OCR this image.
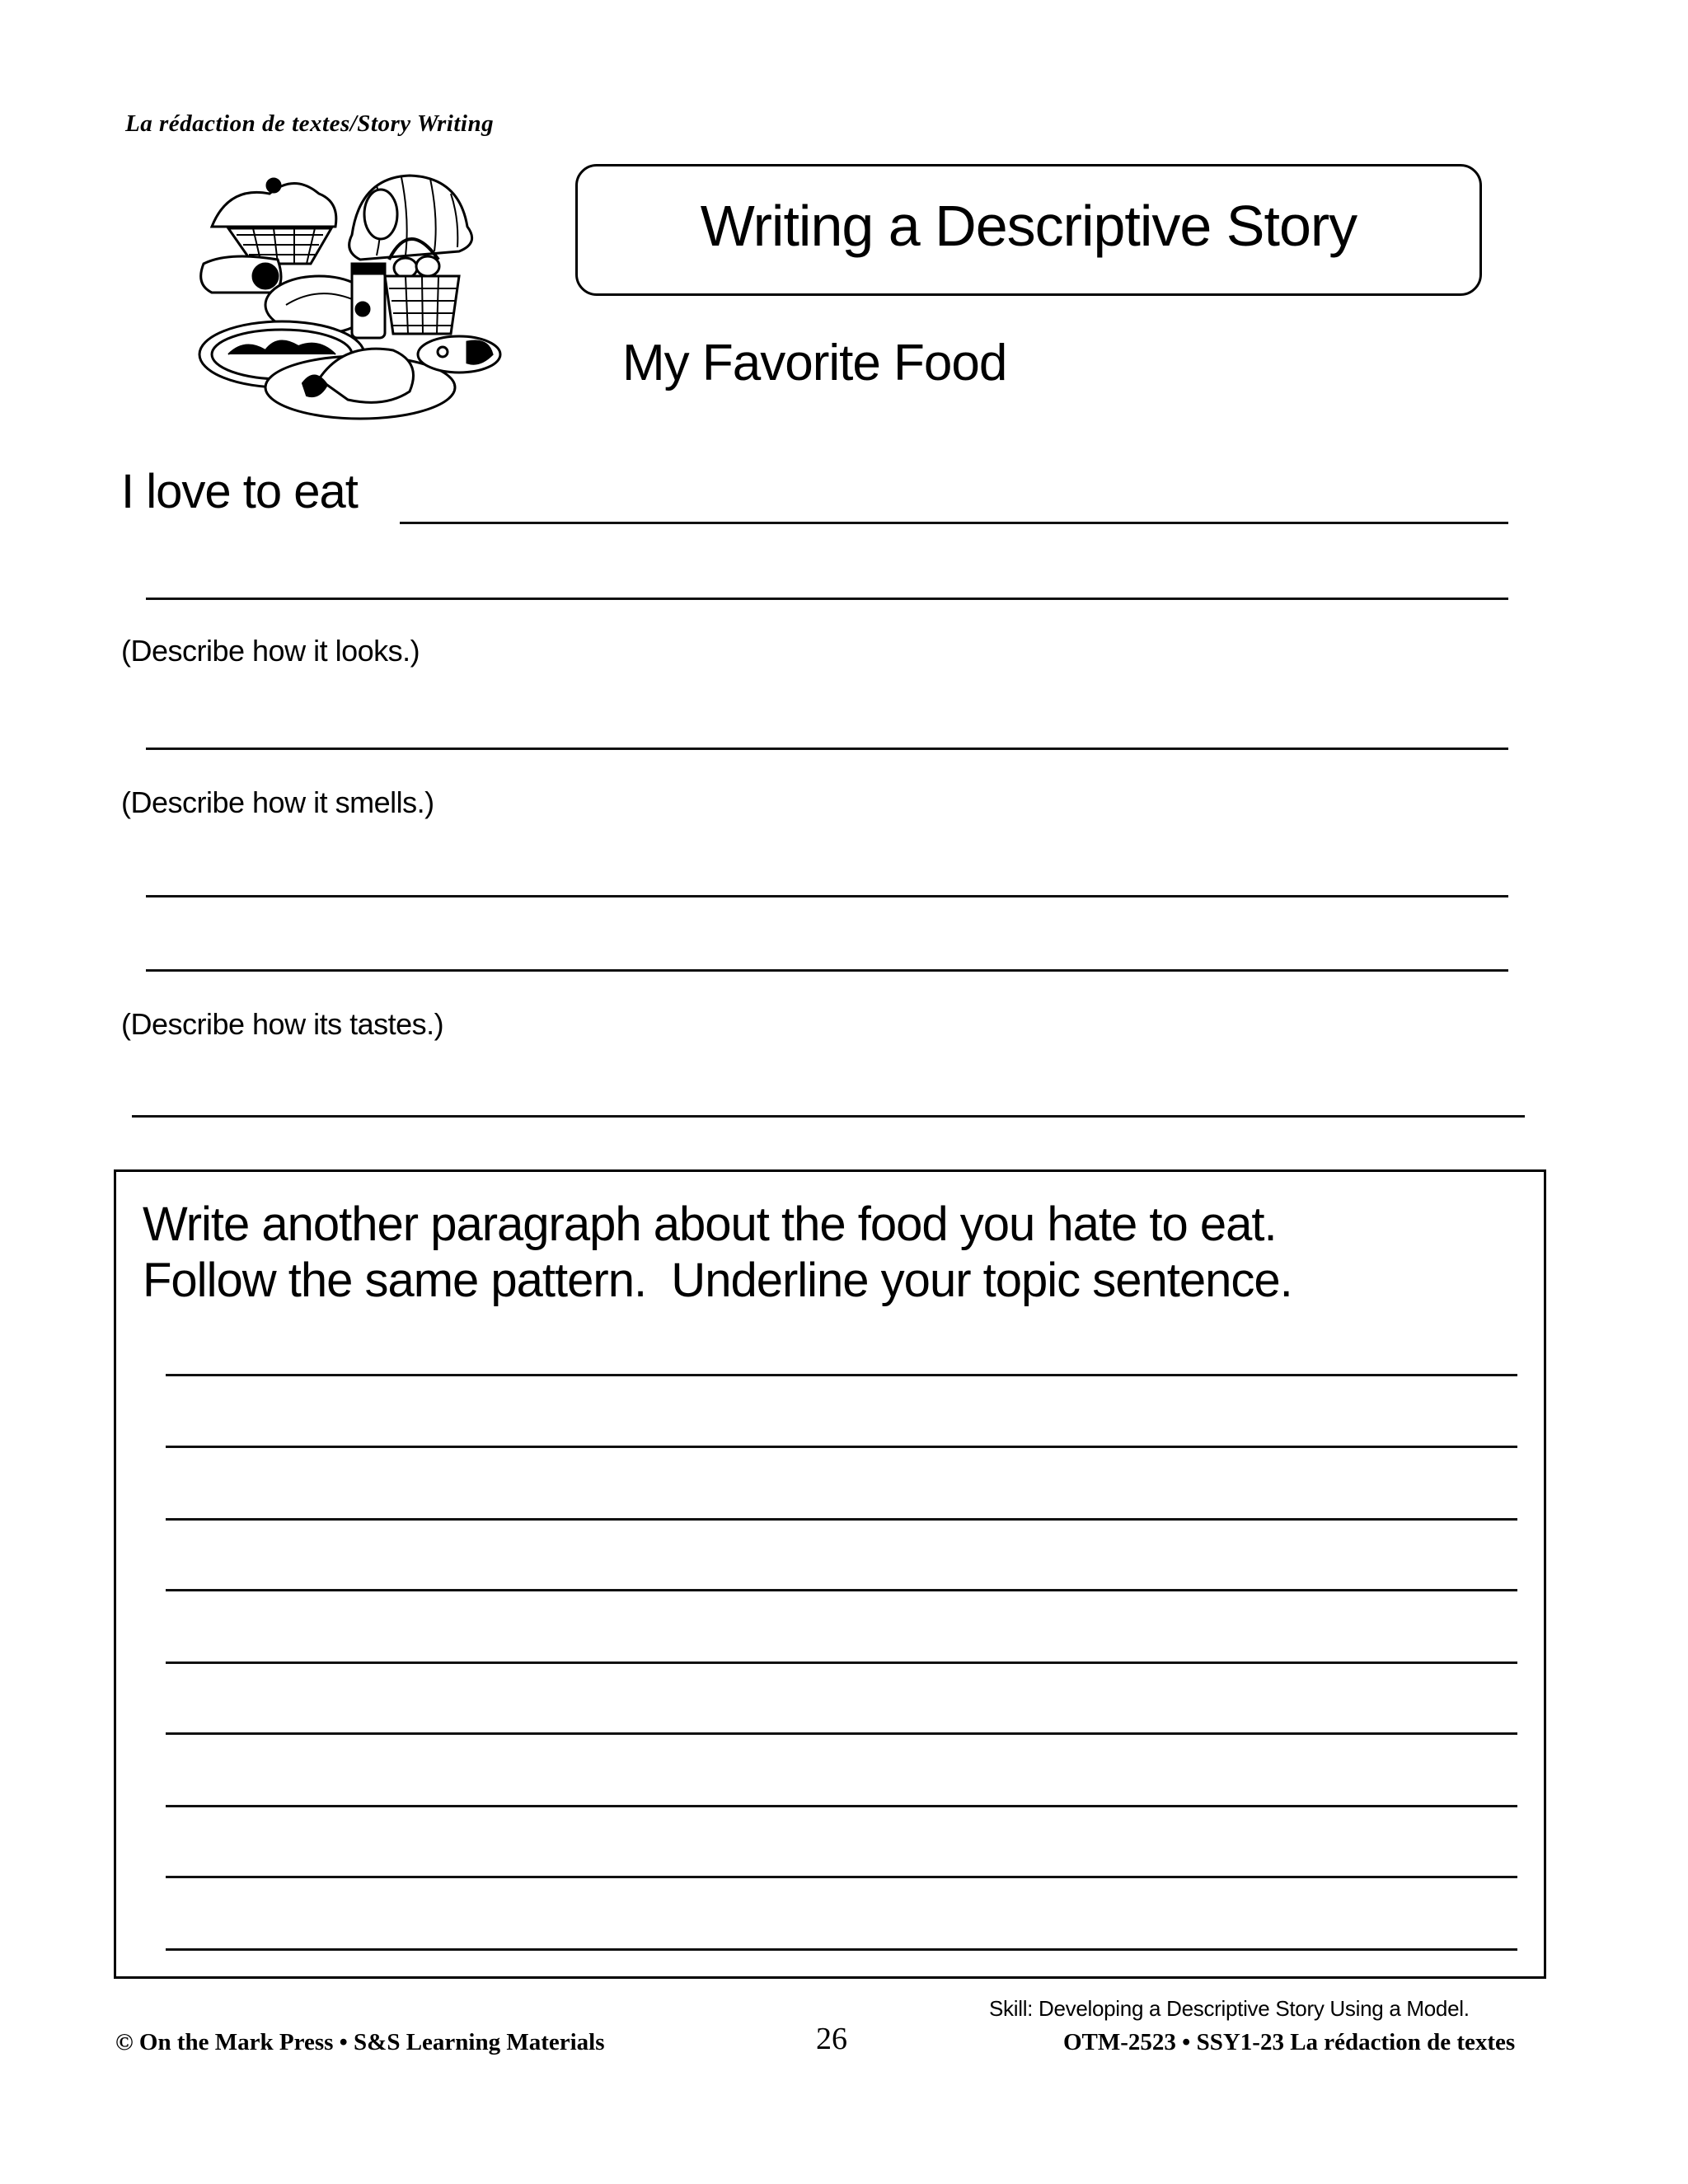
La rédaction de textes/Story Writing
Writing a Descriptive Story
My Favorite Food
I love to eat
(Describe how it looks.)
(Describe how it smells.)
(Describe how its tastes.)
Write another paragraph about the food you hate to eat.
Follow the same pattern.  Underline your topic sentence.
© On the Mark Press • S&S Learning Materials	26
Skill: Developing a Descriptive Story Using a Model.
OTM-2523 • SSY1-23 La rédaction de textes
